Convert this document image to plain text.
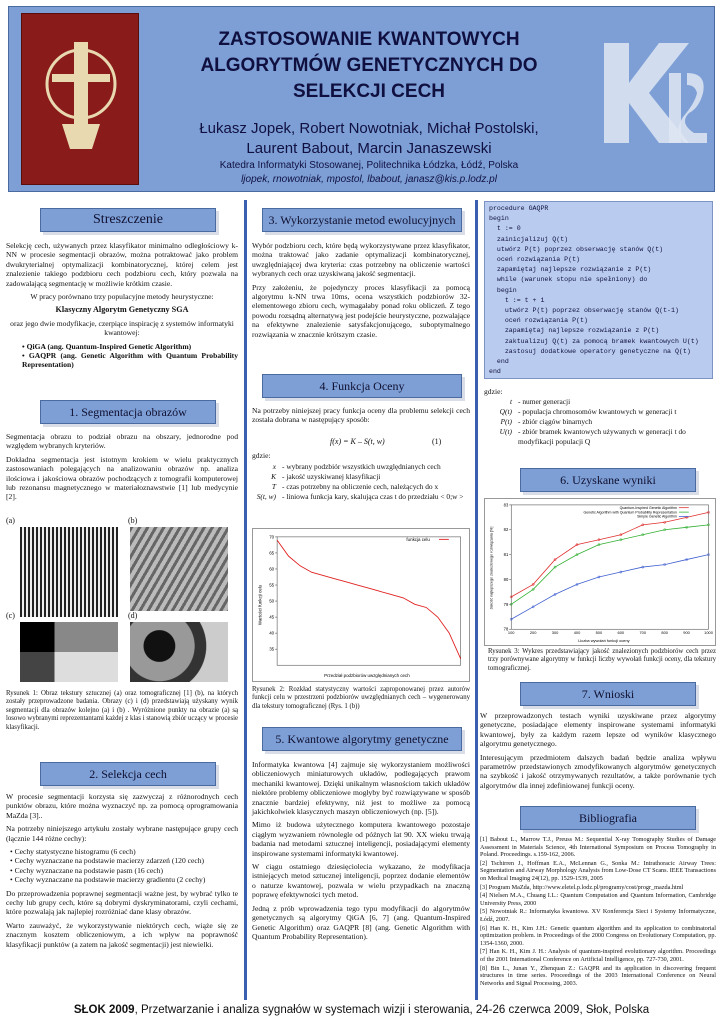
ZASTOSOWANIE KWANTOWYCH
ALGORYTMÓW GENETYCZNYCH DO
SELEKCJI CECH
Łukasz Jopek, Robert Nowotniak, Michał Postolski,
Laurent Babout, Marcin Janaszewski
Katedra Informatyki Stosowanej, Politechnika Łódzka, Łódź, Polska
ljopek, rnowotniak, mpostol, lbabout, janasz@kis.p.lodz.pl
Streszczenie

Selekcję cech, używanych przez klasyfikator minimalno odległościowy k-NN w procesie segmentacji obrazów, można potraktować jako problem dwukryterialnej optymalizacji kombinatorycznej, której celem jest znalezienie takiego podzbioru cech podzbioru cech, który pozwala na zadowalającą segmentację w możliwie krótkim czasie.

W pracy porównano trzy populacyjne metody heurystyczne:

Klasyczny Algorytm Genetyczny SGA

oraz jego dwie modyfikacje, czerpiące inspirację z systemów informatyki kwantowej:

• QiGA (ang. Quantum-Inspired Genetic Algorithm)
• GAQPR (ang. Genetic Algorithm with Quantum Probability Representation)
1. Segmentacja obrazów

Segmentacja obrazu to podział obrazu na obszary, jednorodne pod względem wybranych kryteriów.

Dokładna segmentacja jest istotnym krokiem w wielu praktycznych zastosowaniach polegających na analizowaniu obrazów np. analiza ilościowa i jakościowa obrazów pochodzących z tomografii komputerowej lub rezonansu magnetycznego w materiałoznawstwie [1] lub medycynie [2].

(a)	(b)
(c)	(d)
Rysunek 1: Obraz tekstury sztucznej (a) oraz tomograficznej [1] (b), na których zostały przeprowadzone badania. Obrazy (c) i (d) przedstawiają użyskany wynik segmentacji dla obrazów kolejno (a) i (b) . Wyróżnione punkty na obrazie (a) są losowo wybranymi reprezentantami każdej z klas i stanowią zbiór uczący w procesie klasyfikacji.
2. Selekcja cech

W procesie segmentacji korzysta się zazwyczaj z różnorodnych cech punktów obrazu, które można wyznaczyć np. za pomocą oprogramowania MaZda [3]..

Na potrzeby niniejszego artykułu zostały wybrane następujące grupy cech (łącznie 144 różne cechy):

• Cechy statystyczne histogramu (6 cech)
• Cechy wyznaczane na podstawie macierzy zdarzeń (120 cech)
• Cechy wyznaczane na podstawie pasm (16 cech)
• Cechy wyznaczane na podstawie macierzy gradientu (2 cechy)

Do przeprowadzenia poprawnej segmentacji ważne jest, by wybrać tylko te cechy lub grupy cech, które są dobrymi dyskryminatorami, czyli cechami, które pozwalają jak najlepiej rozróżniać dane klasy obrazów.

Warto zauważyć, że wykorzystywanie niektórych cech, wiąże się ze znacznym kosztem obliczeniowym, a ich wpływ na poprawność klasyfikacji punktów (a zatem na jakość segmentacji) jest niewielki.

3. Wykorzystanie metod ewolucyjnych

Wybór podzbioru cech, które będą wykorzystywane przez klasyfikator, można traktować jako zadanie optymalizacji kombinatorycznej, uwzględniającej dwa kryteria: czas potrzebny na obliczenie wartości wybranych cech oraz uzyskiwaną jakość segmentacji.

Przy założeniu, że pojedynczy proces klasyfikacji za pomocą algorytmu k-NN trwa 10ms, ocena wszystkich podzbiorów 32-elementowego zbioru cech, wymagałaby ponad roku obliczeń. Z tego powodu rozsądną alternatywą jest podejście heurystyczne, pozwalające na efektywne znalezienie satysfakcjonującego, suboptymalnego rozwiązania w znacznie krótszym czasie.

4. Funkcja Oceny

Na potrzeby niniejszej pracy funkcja oceny dla problemu selekcji cech została dobrana w następujący sposób:

f(x) = K – S(t, w)	(1)
gdzie:
x - wybrany podzbiór wszystkich uwzględnianych cech
K - jakość uzyskiwanej klasyfikacji
T - czas potrzebny na obliczenie cech, należących do x
S(t, w) - liniowa funkcja kary, skalująca czas t do przedziału < 0;w >
Wartości funkcji celu
Przedział podzbiorów uwzględnianych cech
funkcja celu
35
40
45
50
55
60
65
70
Rysunek 2: Rozkład statystyczny wartości zaproponowanej przez autorów funkcji celu w przestrzeni podzbiorów uwzględnianych cech – wygenerowany dla tekstury tomograficznej (Rys. 1 (b))
5. Kwantowe algorytmy genetyczne

Informatyka kwantowa [4] zajmuje się wykorzystaniem możliwości obliczeniowych miniaturowych układów, podlegających prawom mechaniki kwantowej. Dzięki unikalnym własnościom takich układów niektóre problemy obliczeniowe mogłyby być rozwiązywane w sposób znacznie bardziej efektywny, niż jest to możliwe za pomocą jakichkolwiek klasycznych maszyn obliczeniowych (np. [5]).

Mimo iż budowa użytecznego komputera kwantowego pozostaje ciągłym wyzwaniem równolegle od późnych lat 90. XX wieku trwają badania nad metodami sztucznej inteligencji, posiadającymi elementy inspirowane systemami informatyki kwantowej.

W ciągu ostatniego dziesięciolecia wykazano, że modyfikacja istniejących metod sztucznej inteligencji, poprzez dodanie elementów o naturze kwantowej, pozwala w wielu przypadkach na znaczną poprawę efektywności tych metod.

Jedną z prób wprowadzenia tego typu modyfikacji do algorytmów genetycznych są algorytmy QiGA [6, 7] (ang. Quantum-Inspired Genetic Algorithm) oraz GAQPR [8] (ang. Genetic Algorithm with Quantum Probability Representation).

procedure GAQPR
begin
t := 0
zainicjalizuj Q(t)
utwórz P(t) poprzez obserwację stanów Q(t)
oceń rozwiązania P(t)
zapamiętaj najlepsze rozwiązanie z P(t)
while (warunek stopu nie spełniony) do
begin
t := t + 1
utwórz P(t) poprzez obserwację stanów Q(t-1)
oceń rozwiązania P(t)
zapamiętaj najlepsze rozwiązanie z P(t)
zaktualizuj Q(t) za pomocą bramek kwantowych U(t)
zastosuj dodatkowe operatory genetyczne na Q(t)
end
end
gdzie:
t - numer generacji
Q(t) - populacja chromosomów kwantowych w generacji t
P(t) - zbiór ciągów binarnych
U(t) - zbiór bramek kwantowych używanych w generacji t do modyfikacji populacji Q
6. Uzyskane wyniki
Jakość najlepszego znalezionego rozwiązania [%]
Liczba wywołań funkcji oceny
78
79
80
81
82
83
100	200	300	400	500	600	700	800	900	1000
Quantum-Inspired Genetic Algorithm
Genetic Algorithm with Quantum Probability Representation
Simple Genetic Algorithm
Rysunek 3: Wykres przedstawiający jakość znalezionych podzbiorów cech przez trzy porównywane algorytmy w funkcji liczby wywołań funkcji oceny, dla tekstury tomograficznej.
7. Wnioski

W przeprowadzonych testach wyniki uzyskiwane przez algorytmy genetyczne, posiadające elementy inspirowane systemami informatyki kwantowej, były za każdym razem lepsze od wyników klasycznego algorytmu genetycznego.

Interesującym przedmiotem dalszych badań będzie analiza wpływu parametrów przedstawionych zmodyfikowanych algorytmów genetycznych na szybkość i jakość otrzymywanych rezultatów, a także porównanie tych algorytmów dla innej zdefiniowanej funkcji oceny.

Bibliografia
[1] Babout L., Marrow T.J., Preuss M.: Sequential X-ray Tomography Studies of Damage Assessment in Materials Science, 4th International Symposium on Process Tomography in Poland. Proceedings. s.159-162, 2006.
[2] Tschirren J., Hoffman E.A., McLennan G., Sonka M.: Intrathoracic Airway Trees: Segmentation and Airway Morphology Analysis from Low-Dose CT Scans. IEEE Transactions on Medical Imaging 24(12), pp. 1529-1539, 2005
[3] Program MaZda, http://www.eletel.p.lodz.pl/programy/cost/progr_mazda.html
[4] Nielsen M.A., Chuang I.L.: Quantum Computation and Quantum Information, Cambridge University Press, 2000
[5] Nowotniak R.: Informatyka kwantowa. XV Konferencja Sieci i Systemy Informatyczne, Łódź, 2007.
[6] Han K. H., Kim J.H.: Genetic quantum algorithm and its application to combinatorial optimization problem. in Proceedings of the 2000 Congress on Evolutionary Computation, pp. 1354-1360, 2000.
[7] Han K. H., Kim J. H.: Analysis of quantum-inspired evolutionary algorithm. Proceedings of the 2001 International Conference on Artificial Intelligence, pp. 727-730, 2001.
[8] Bin L., Junan Y., Zhenquan Z.: GAQPR and its application in discovering frequent structures in time series. Proceedings of the 2003 International Conference on Neural Networks and Signal Processing, 2003.
SŁOK 2009, Przetwarzanie i analiza sygnałów w systemach wizji i sterowania, 24-26 czerwca 2009, Słok, Polska
